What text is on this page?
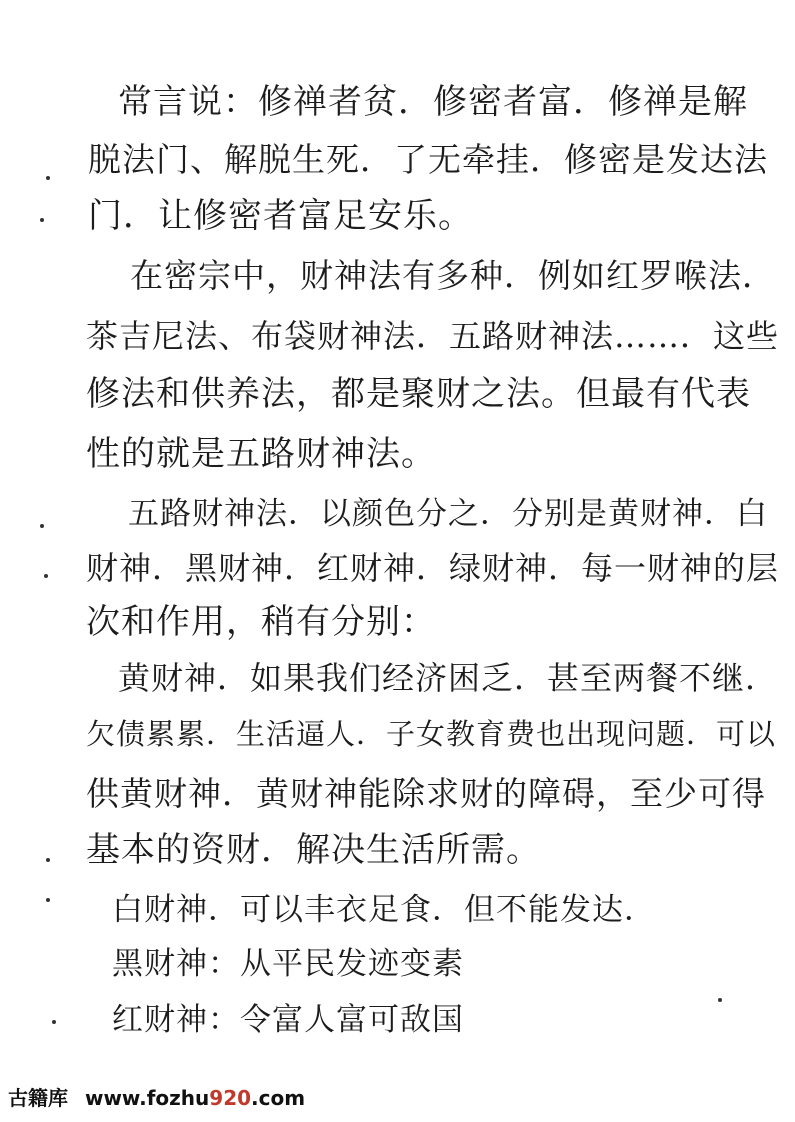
常言说：修禅者贫．修密者富．修禅是解
脱法门、解脱生死．了无牵挂．修密是发达法
门．让修密者富足安乐。
在密宗中，财神法有多种．例如红罗喉法．
茶吉尼法、布袋财神法．五路财神法……．这些
修法和供养法，都是聚财之法。但最有代表
性的就是五路财神法。
五路财神法．以颜色分之．分别是黄财神．白
财神．黑财神．红财神．绿财神．每一财神的层
次和作用，稍有分别：
黄财神．如果我们经济困乏．甚至两餐不继．
欠债累累．生活逼人．子女教育费也出现问题．可以
供黄财神．黄财神能除求财的障碍，至少可得
基本的资财．解决生活所需。
白财神．可以丰衣足食．但不能发达．
黑财神：从平民发迹变素
红财神：令富人富可敌国
古籍库 www.fozhu920.com
